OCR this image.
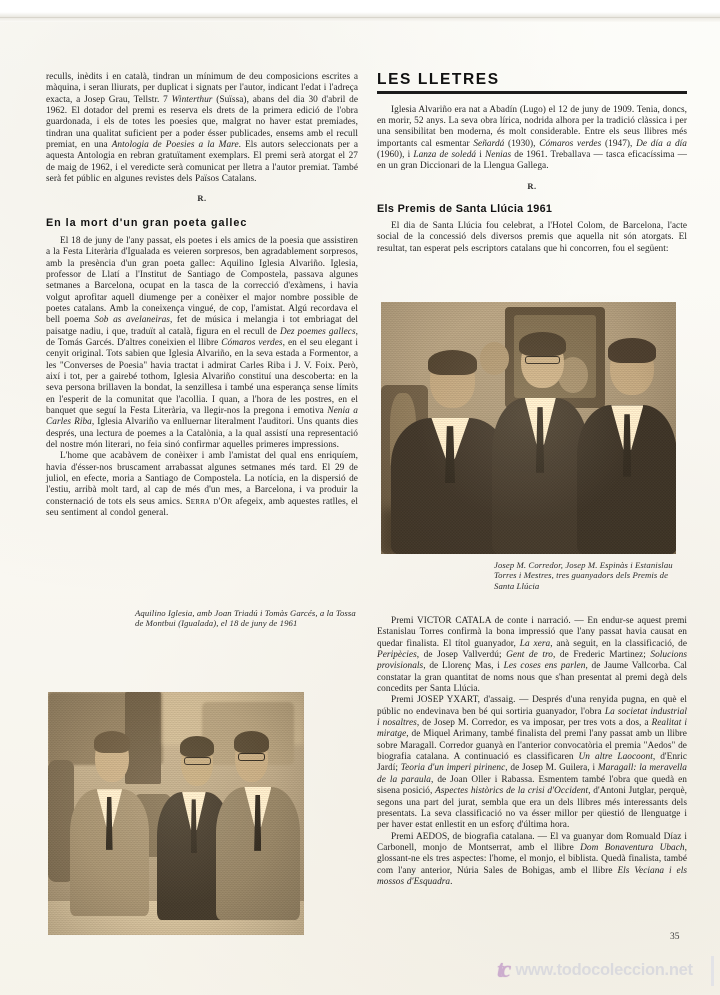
reculls, inèdits i en català, tindran un mínimum de deu composicions escrites a màquina, i seran lliurats, per duplicat i signats per l'autor, indicant l'edat i l'adreça exacta, a Josep Grau, Tellstr. 7 Winterthur (Suïssa), abans del dia 30 d'abril de 1962. El dotador del premi es reserva els drets de la primera edició de l'obra guardonada, i els de totes les poesies que, malgrat no haver estat premiades, tindran una qualitat suficient per a poder ésser publicades, ensems amb el recull premiat, en una Antologia de Poesies a la Mare. Els autors seleccionats per a aquesta Antologia en rebran gratuïtament exemplars. El premi serà atorgat el 27 de maig de 1962, i el veredicte serà comunicat per lletra a l'autor premiat. També serà fet públic en algunes revistes dels Països Catalans.

R.
En la mort d'un gran poeta gallec

El 18 de juny de l'any passat, els poetes i els amics de la poesia que assistiren a la Festa Literària d'Igualada es veieren sorpresos, ben agradablement sorpresos, amb la presència d'un gran poeta gallec: Aquilino Iglesia Alvariño. Iglesia, professor de Llatí a l'Institut de Santiago de Compostela, passava algunes setmanes a Barcelona, ocupat en la tasca de la correcció d'exàmens, i havia volgut aprofitar aquell diumenge per a conèixer el major nombre possible de poetes catalans. Amb la coneixença vingué, de cop, l'amistat. Algú recordava el bell poema Sob as avelaneiras, fet de música i melangia i tot embriagat del paisatge nadiu, i que, traduït al català, figura en el recull de Dez poemes gallecs, de Tomás Garcés. D'altres coneixien el llibre Cómaros verdes, en el seu elegant i cenyit original. Tots sabien que Iglesia Alvariño, en la seva estada a Formentor, a les "Converses de Poesia" havia tractat i admirat Carles Riba i J. V. Foix. Però, així i tot, per a gairebé tothom, Iglesia Alvariño constituí una descoberta: en la seva persona brillaven la bondat, la senzillesa i també una esperança sense límits en l'esperit de la comunitat que l'acollia. I quan, a l'hora de les postres, en el banquet que seguí la Festa Literària, va llegir-nos la pregona i emotiva Nenia a Carles Riba, Iglesia Alvariño va enlluernar literalment l'auditori. Uns quants dies després, una lectura de poemes a la Catalònia, a la qual assistí una representació del nostre món literari, no feia sinó confirmar aquelles primeres impressions.

L'home que acabàvem de conèixer i amb l'amistat del qual ens enriquíem, havia d'ésser-nos bruscament arrabassat algunes setmanes més tard. El 29 de juliol, en efecte, moria a Santiago de Compostela. La notícia, en la dispersió de l'estiu, arribà molt tard, al cap de més d'un mes, a Barcelona, i va produir la consternació de tots els seus amics. Serra d'Or afegeix, amb aquestes ratlles, el seu sentiment al condol general.

Aquilino Iglesia, amb Joan Triadú i Tomàs Garcés, a la Tossa de Montbui (Igualada), el 18 de juny de 1961
LES LLETRES

Iglesia Alvariño era nat a Abadín (Lugo) el 12 de juny de 1909. Tenia, doncs, en morir, 52 anys. La seva obra lírica, nodrida alhora per la tradició clàssica i per una sensibilitat ben moderna, és molt considerable. Entre els seus llibres més importants cal esmentar Señardá (1930), Cómaros verdes (1947), De día a día (1960), i Lanza de soledá i Nenias de 1961. Treballava — tasca eficacíssima — en un gran Diccionari de la Llengua Gallega.

R.
Els Premis de Santa Llúcia 1961

El dia de Santa Llúcia fou celebrat, a l'Hotel Colom, de Barcelona, l'acte social de la concessió dels diversos premis que aquella nit són atorgats. El resultat, tan esperat pels escriptors catalans que hi concorren, fou el següent:

Josep M. Corredor, Josep M. Espinàs i Estanislau Torres i Mestres, tres guanyadors dels Premis de Santa Llúcia

Premi VICTOR CATALA de conte i narració. — En endur-se aquest premi Estanislau Torres confirmà la bona impressió que l'any passat havia causat en quedar finalista. El títol guanyador, La xera, anà seguit, en la classificació, de Peripècies, de Josep Vallverdú; Gent de tro, de Frederic Martinez; Solucions provisionals, de Llorenç Mas, i Les coses ens parlen, de Jaume Vallcorba. Cal constatar la gran quantitat de noms nous que s'han presentat al premi degà dels concedits per Santa Llúcia.

Premi JOSEP YXART, d'assaig. — Després d'una renyida pugna, en què el públic no endevinava ben bé qui sortiria guanyador, l'obra La societat industrial i nosaltres, de Josep M. Corredor, es va imposar, per tres vots a dos, a Realitat i miratge, de Miquel Arimany, també finalista del premi l'any passat amb un llibre sobre Maragall. Corredor guanyà en l'anterior convocatòria el premia "Aedos" de biografia catalana. A continuació es classificaren Un altre Laocoont, d'Enric Jardí; Teoria d'un imperi pirinenc, de Josep M. Guilera, i Maragall: la meravella de la paraula, de Joan Oller i Rabassa. Esmentem també l'obra que quedà en sisena posició, Aspectes històrics de la crisi d'Occident, d'Antoni Jutglar, perquè, segons una part del jurat, sembla que era un dels llibres més interessants dels presentats. La seva classificació no va ésser millor per qüestió de llenguatge i per haver estat enllestit en un esforç d'última hora.

Premi AEDOS, de biografia catalana. — El va guanyar dom Romuald Díaz i Carbonell, monjo de Montserrat, amb el llibre Dom Bonaventura Ubach, glossant-ne els tres aspectes: l'home, el monjo, el biblista. Quedà finalista, també com l'any anterior, Núria Sales de Bohigas, amb el llibre Els Veciana i els mossos d'Esquadra.

35
tc www.todocoleccion.net
